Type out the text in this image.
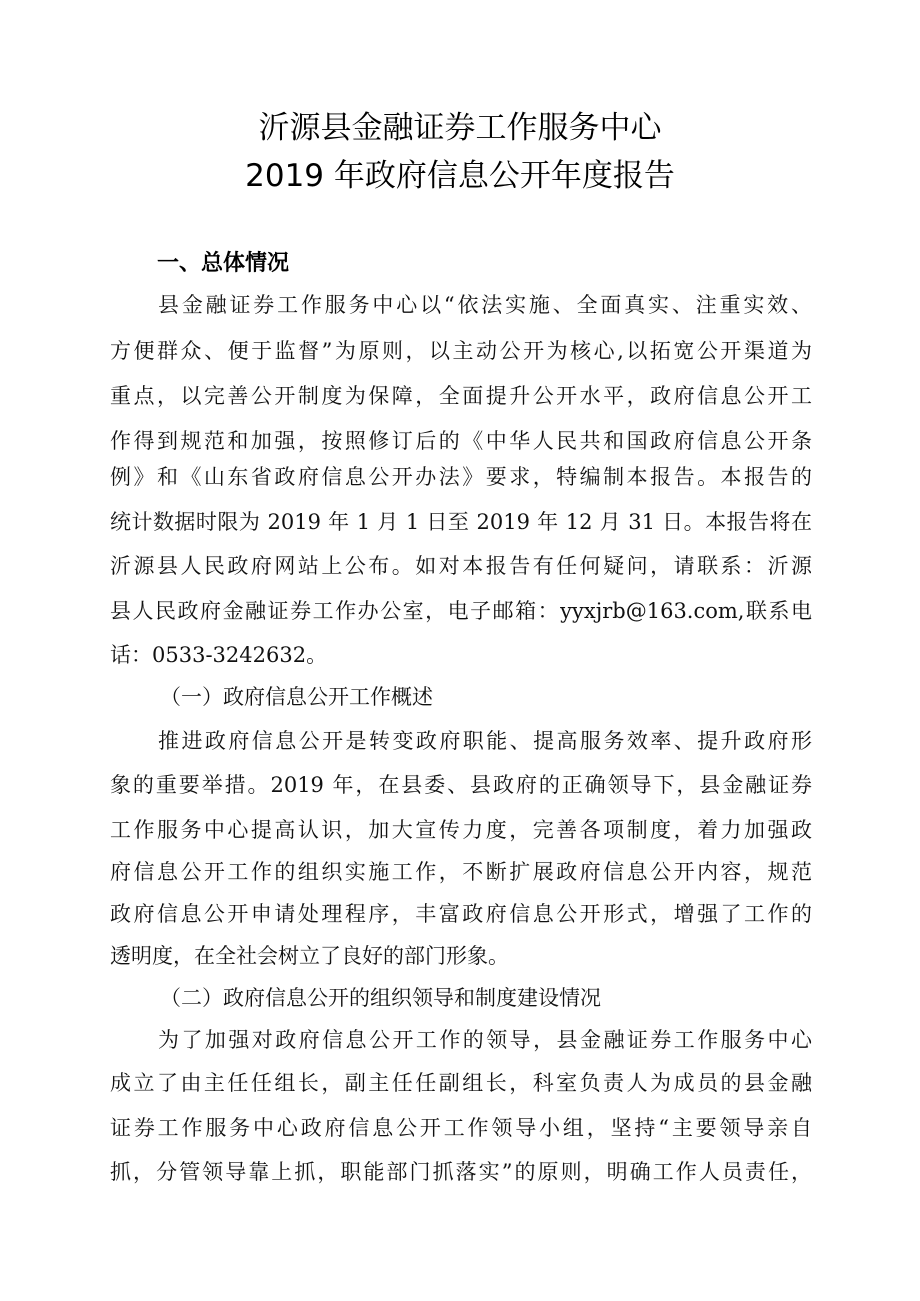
沂源县金融证券工作服务中心
2019 年政府信息公开年度报告
一、总体情况
县金融证券工作服务中心以“依法实施、全面真实、注重实效、
方便群众、便于监督”为原则，以主动公开为核心,以拓宽公开渠道为
重点，以完善公开制度为保障，全面提升公开水平，政府信息公开工
作得到规范和加强，按照修订后的《中华人民共和国政府信息公开条
例》和《山东省政府信息公开办法》要求，特编制本报告。本报告的
统计数据时限为 2019 年 1 月 1 日至 2019 年 12 月 31 日。本报告将在
沂源县人民政府网站上公布。如对本报告有任何疑问，请联系：沂源
县人民政府金融证券工作办公室，电子邮箱：yyxjrb@163.com,联系电
话：0533-3242632。
（一）政府信息公开工作概述
推进政府信息公开是转变政府职能、提高服务效率、提升政府形
象的重要举措。2019 年，在县委、县政府的正确领导下，县金融证券
工作服务中心提高认识，加大宣传力度，完善各项制度，着力加强政
府信息公开工作的组织实施工作，不断扩展政府信息公开内容，规范
政府信息公开申请处理程序，丰富政府信息公开形式，增强了工作的
透明度，在全社会树立了良好的部门形象。
（二）政府信息公开的组织领导和制度建设情况
为了加强对政府信息公开工作的领导，县金融证券工作服务中心
成立了由主任任组长，副主任任副组长，科室负责人为成员的县金融
证券工作服务中心政府信息公开工作领导小组，坚持“主要领导亲自
抓，分管领导靠上抓，职能部门抓落实”的原则，明确工作人员责任，
